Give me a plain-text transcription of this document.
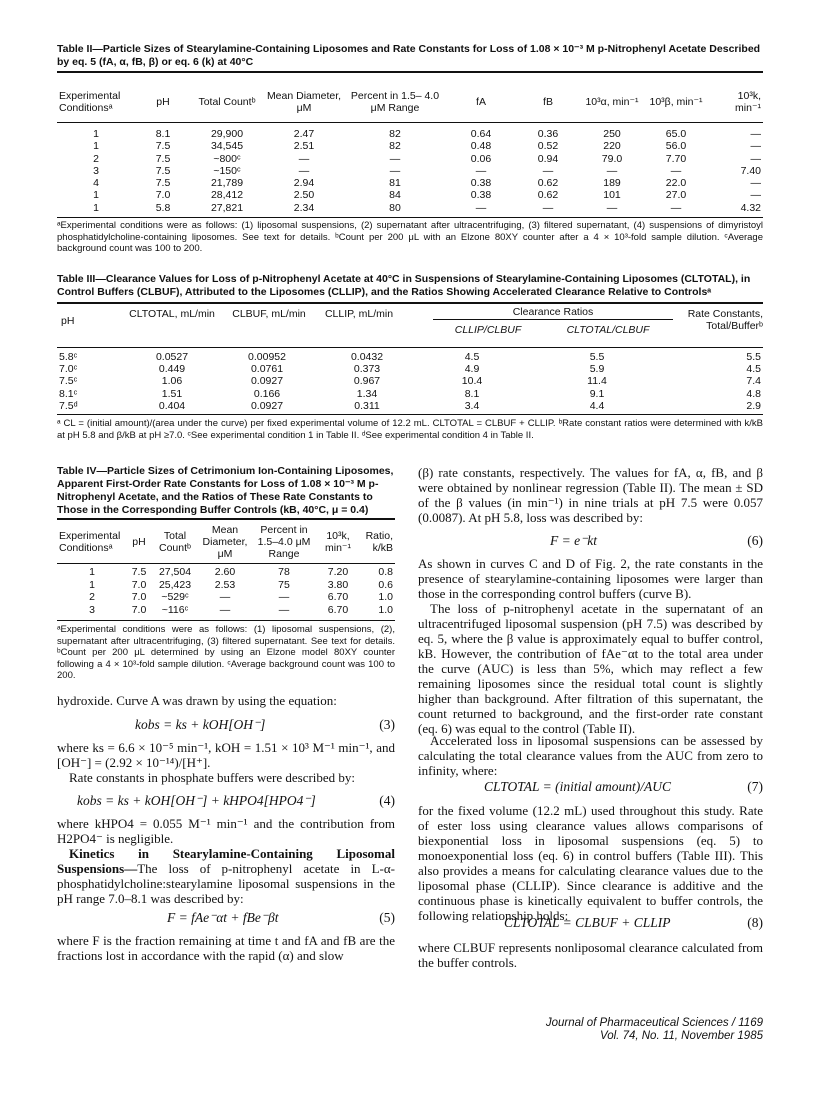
Table II—Particle Sizes of Stearylamine-Containing Liposomes and Rate Constants for Loss of 1.08 × 10⁻³ M p-Nitrophenyl Acetate Described by eq. 5 (fA, α, fB, β) or eq. 6 (k) at 40°C
Experimental Conditionsᵃ	pH	Total Countᵇ	Mean Diameter, μM	Percent in 1.5– 4.0 μM Range	fA	fB	10³α, min⁻¹	10³β, min⁻¹	10³k, min⁻¹
1	8.1	29,900	2.47	82	0.64	0.36	250	65.0	—
1	7.5	34,545	2.51	82	0.48	0.52	220	56.0	—
2	7.5	~800ᶜ	—	—	0.06	0.94	79.0	7.70	—
3	7.5	~150ᶜ	—	—	—	—	—	—	7.40
4	7.5	21,789	2.94	81	0.38	0.62	189	22.0	—
1	7.0	28,412	2.50	84	0.38	0.62	101	27.0	—
1	5.8	27,821	2.34	80	—	—	—	—	4.32
ᵃExperimental conditions were as follows: (1) liposomal suspensions, (2) supernatant after ultracentrifuging, (3) filtered supernatant, (4) suspensions of dimyristoyl phosphatidylcholine-containing liposomes. See text for details. ᵇCount per 200 μL with an Elzone 80XY counter after a 4 × 10³-fold sample dilution. ᶜAverage background count was 100 to 200.
Table III—Clearance Values for Loss of p-Nitrophenyl Acetate at 40°C in Suspensions of Stearylamine-Containing Liposomes (CLTOTAL), in Control Buffers (CLBUF), Attributed to the Liposomes (CLLIP), and the Ratios Showing Accelerated Clearance Relative to Controlsᵃ
pH
CLTOTAL, mL/min	CLBUF, mL/min	CLLIP, mL/min	Clearance Ratios
CLLIP/CLBUF	CLTOTAL/CLBUF
Rate Constants, Total/Bufferᵇ
5.8ᶜ	0.0527	0.00952	0.0432	4.5	5.5	5.5
7.0ᶜ	0.449	0.0761	0.373	4.9	5.9	4.5
7.5ᶜ	1.06	0.0927	0.967	10.4	11.4	7.4
8.1ᶜ	1.51	0.166	1.34	8.1	9.1	4.8
7.5ᵈ	0.404	0.0927	0.311	3.4	4.4	2.9
ᵃ CL = (initial amount)/(area under the curve) per fixed experimental volume of 12.2 mL. CLTOTAL = CLBUF + CLLIP. ᵇRate constant ratios were determined with k/kB at pH 5.8 and β/kB at pH ≥7.0. ᶜSee experimental condition 1 in Table II. ᵈSee experimental condition 4 in Table II.
Table IV—Particle Sizes of Cetrimonium Ion-Containing Liposomes, Apparent First-Order Rate Constants for Loss of 1.08 × 10⁻³ M p-Nitrophenyl Acetate, and the Ratios of These Rate Constants to Those in the Corresponding Buffer Controls (kB, 40°C, μ = 0.4)
Experimental Conditionsᵃ	pH	Total Countᵇ	Mean Diameter, μM	Percent in 1.5–4.0 μM Range	10³k, min⁻¹	Ratio, k/kB
1	7.5	27,504	2.60	78	7.20	0.8
1	7.0	25,423	2.53	75	3.80	0.6
2	7.0	~529ᶜ	—	—	6.70	1.0
3	7.0	~116ᶜ	—	—	6.70	1.0
ᵃExperimental conditions were as follows: (1) liposomal suspensions, (2), supernatant after ultracentrifuging, (3) filtered supernatant. See text for details. ᵇCount per 200 μL determined by using an Elzone model 80XY counter following a 4 × 10³-fold sample dilution. ᶜAverage background count was 100 to 200.

hydroxide. Curve A was drawn by using the equation:

kobs = ks + kOH[OH⁻]	(3)

where ks = 6.6 × 10⁻⁵ min⁻¹, kOH = 1.51 × 10³ M⁻¹ min⁻¹, and [OH⁻] = (2.92 × 10⁻¹⁴)/[H⁺].

Rate constants in phosphate buffers were described by:

kobs = ks + kOH[OH⁻] + kHPO4[HPO4⁻]	(4)

where kHPO4 = 0.055 M⁻¹ min⁻¹ and the contribution from H2PO4⁻ is negligible.

Kinetics in Stearylamine-Containing Liposomal Suspensions—The loss of p-nitrophenyl acetate in L-α-phosphatidylcholine:stearylamine liposomal suspensions in the pH range 7.0–8.1 was described by:

F = fAe⁻αt + fBe⁻βt	(5)

where F is the fraction remaining at time t and fA and fB are the fractions lost in accordance with the rapid (α) and slow

(β) rate constants, respectively. The values for fA, α, fB, and β were obtained by nonlinear regression (Table II). The mean ± SD of the β values (in min⁻¹) in nine trials at pH 7.5 were 0.057 (0.0087). At pH 5.8, loss was described by:

F = e⁻kt	(6)

As shown in curves C and D of Fig. 2, the rate constants in the presence of stearylamine-containing liposomes were larger than those in the corresponding control buffers (curve B).

The loss of p-nitrophenyl acetate in the supernatant of an ultracentrifuged liposomal suspension (pH 7.5) was described by eq. 5, where the β value is approximately equal to buffer control, kB. However, the contribution of fAe⁻αt to the total area under the curve (AUC) is less than 5%, which may reflect a few remaining liposomes since the residual total count is slightly higher than background. After filtration of this supernatant, the count returned to background, and the first-order rate constant (eq. 6) was equal to the control (Table II).

Accelerated loss in liposomal suspensions can be assessed by calculating the total clearance values from the AUC from zero to infinity, where:

CLTOTAL = (initial amount)/AUC	(7)

for the fixed volume (12.2 mL) used throughout this study. Rate of ester loss using clearance values allows comparisons of biexponential loss in liposomal suspensions (eq. 5) to monoexponential loss (eq. 6) in control buffers (Table III). This also provides a means for calculating clearance values due to the liposomal phase (CLLIP). Since clearance is additive and the continuous phase is kinetically equivalent to buffer controls, the following relationship holds:

CLTOTAL = CLBUF + CLLIP	(8)

where CLBUF represents nonliposomal clearance calculated from the buffer controls.

Journal of Pharmaceutical Sciences / 1169
Vol. 74, No. 11, November 1985
